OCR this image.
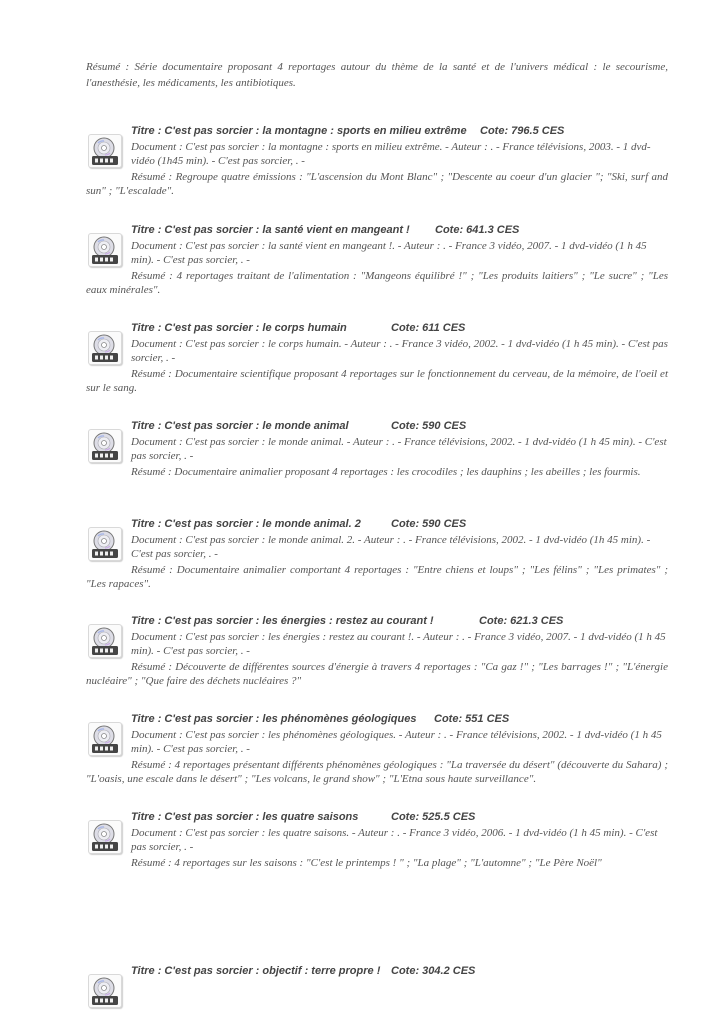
Résumé : Série documentaire proposant 4 reportages autour du thème de la santé et de l'univers médical : le secourisme, l'anesthésie, les médicaments, les antibiotiques.

Titre : C'est pas sorcier : la montagne : sports en milieu extrême Cote: 796.5 CES

Document : C'est pas sorcier : la montagne : sports en milieu extrême. - Auteur : . - France télévisions, 2003. - 1 dvd-vidéo (1h45 min). - C'est pas sorcier, . -

Résumé : Regroupe quatre émissions : "L'ascension du Mont Blanc" ; "Descente au coeur d'un glacier "; "Ski, surf and sun" ; "L'escalade".

Titre : C'est pas sorcier : la santé vient en mangeant ! Cote: 641.3 CES

Document : C'est pas sorcier : la santé vient en mangeant !. - Auteur : . - France 3 vidéo, 2007. - 1 dvd-vidéo (1 h 45 min). - C'est pas sorcier, . -

Résumé : 4 reportages traitant de l'alimentation : "Mangeons équilibré !" ; "Les produits laitiers" ; "Le sucre" ; "Les eaux minérales".

Titre : C'est pas sorcier : le corps humain	Cote: 611 CES

Document : C'est pas sorcier : le corps humain. - Auteur : . - France 3 vidéo, 2002. - 1 dvd-vidéo (1 h 45 min). - C'est pas sorcier, . -

Résumé : Documentaire scientifique proposant 4 reportages sur le fonctionnement du cerveau, de la mémoire, de l'oeil et sur le sang.

Titre : C'est pas sorcier : le monde animal	Cote: 590 CES

Document : C'est pas sorcier : le monde animal. - Auteur : . - France télévisions, 2002. - 1 dvd-vidéo (1 h 45 min). - C'est pas sorcier, . -

Résumé : Documentaire animalier proposant 4 reportages : les crocodiles ; les dauphins ; les abeilles ; les fourmis.

Titre : C'est pas sorcier : le monde animal. 2	Cote: 590 CES

Document : C'est pas sorcier : le monde animal. 2. - Auteur : . - France télévisions, 2002. - 1 dvd-vidéo (1h 45 min). - C'est pas sorcier, . -

Résumé : Documentaire animalier comportant 4 reportages : "Entre chiens et loups" ; "Les félins" ; "Les primates" ; "Les rapaces".

Titre : C'est pas sorcier : les énergies : restez au courant !	Cote: 621.3 CES

Document : C'est pas sorcier : les énergies : restez au courant !. - Auteur : . - France 3 vidéo, 2007. - 1 dvd-vidéo (1 h 45 min). - C'est pas sorcier, . -

Résumé : Découverte de différentes sources d'énergie à travers 4 reportages : "Ca gaz !" ; "Les barrages !" ; "L'énergie nucléaire" ; "Que faire des déchets nucléaires ?"

Titre : C'est pas sorcier : les phénomènes géologiques Cote: 551 CES

Document : C'est pas sorcier : les phénomènes géologiques. - Auteur : . - France télévisions, 2002. - 1 dvd-vidéo (1 h 45 min). - C'est pas sorcier, . -

Résumé : 4 reportages présentant différents phénomènes géologiques : "La traversée du désert" (découverte du Sahara) ; "L'oasis, une escale dans le désert" ; "Les volcans, le grand show" ; "L'Etna sous haute surveillance".

Titre : C'est pas sorcier : les quatre saisons	Cote: 525.5 CES

Document : C'est pas sorcier : les quatre saisons. - Auteur : . - France 3 vidéo, 2006. - 1 dvd-vidéo (1 h 45 min). - C'est pas sorcier, . -

Résumé : 4 reportages sur les saisons : "C'est le printemps ! " ; "La plage" ; "L'automne" ; "Le Père Noël"

Titre : C'est pas sorcier : objectif : terre propre ! Cote: 304.2 CES
